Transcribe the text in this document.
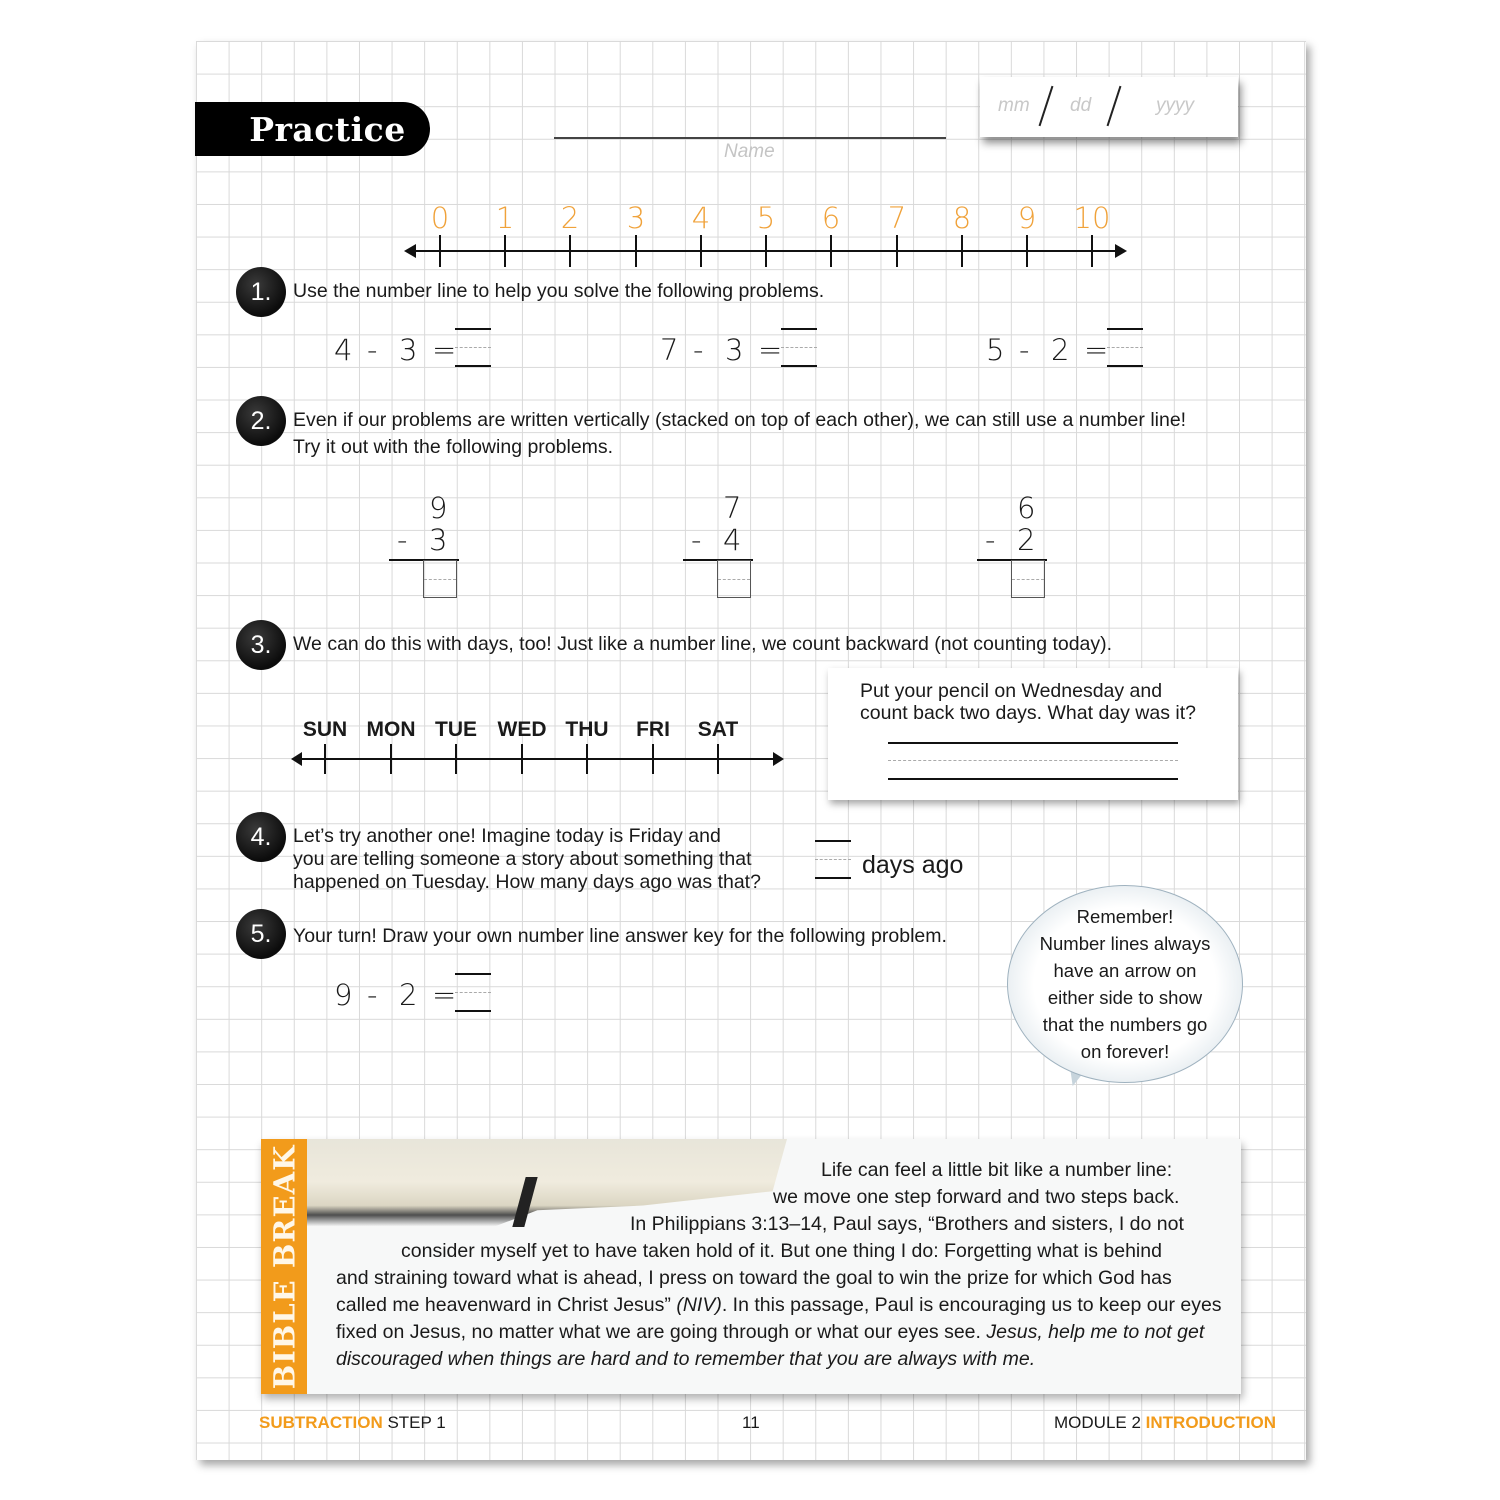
Practice
Name
mm dd	yyyy
0 1 2 3 4 5 6 7 8 9 10
1. Use the number line to help you solve the following problems.
4 - 3 =	7 - 3 =	5 - 2 =
2. Even if our problems are written vertically (stacked on top of each other), we can still use a number line!
Try it out with the following problems.
9
- 3
7
- 4
6
- 2
3. We can do this with days, too! Just like a number line, we count backward (not counting today).
SUN MON TUE WED THU FRI SAT
Put your pencil on Wednesday and
count back two days. What day was it?
4. Let’s try another one! Imagine today is Friday and
you are telling someone a story about something that
happened on Tuesday. How many days ago was that?
days ago
5. Your turn! Draw your own number line answer key for the following problem.
9 - 2 =
Remember!
Number lines always
have an arrow on
either side to show
that the numbers go
on forever!
BIBLE BREAK	Life can feel a little bit like a number line:
we move one step forward and two steps back.
In Philippians 3:13–14, Paul says, “Brothers and sisters, I do not
consider myself yet to have taken hold of it. But one thing I do: Forgetting what is behind
and straining toward what is ahead, I press on toward the goal to win the prize for which God has
called me heavenward in Christ Jesus” (NIV). In this passage, Paul is encouraging us to keep our eyes
fixed on Jesus, no matter what we are going through or what our eyes see. Jesus, help me to not get
discouraged when things are hard and to remember that you are always with me.
SUBTRACTION STEP 1	11	MODULE 2 INTRODUCTION
